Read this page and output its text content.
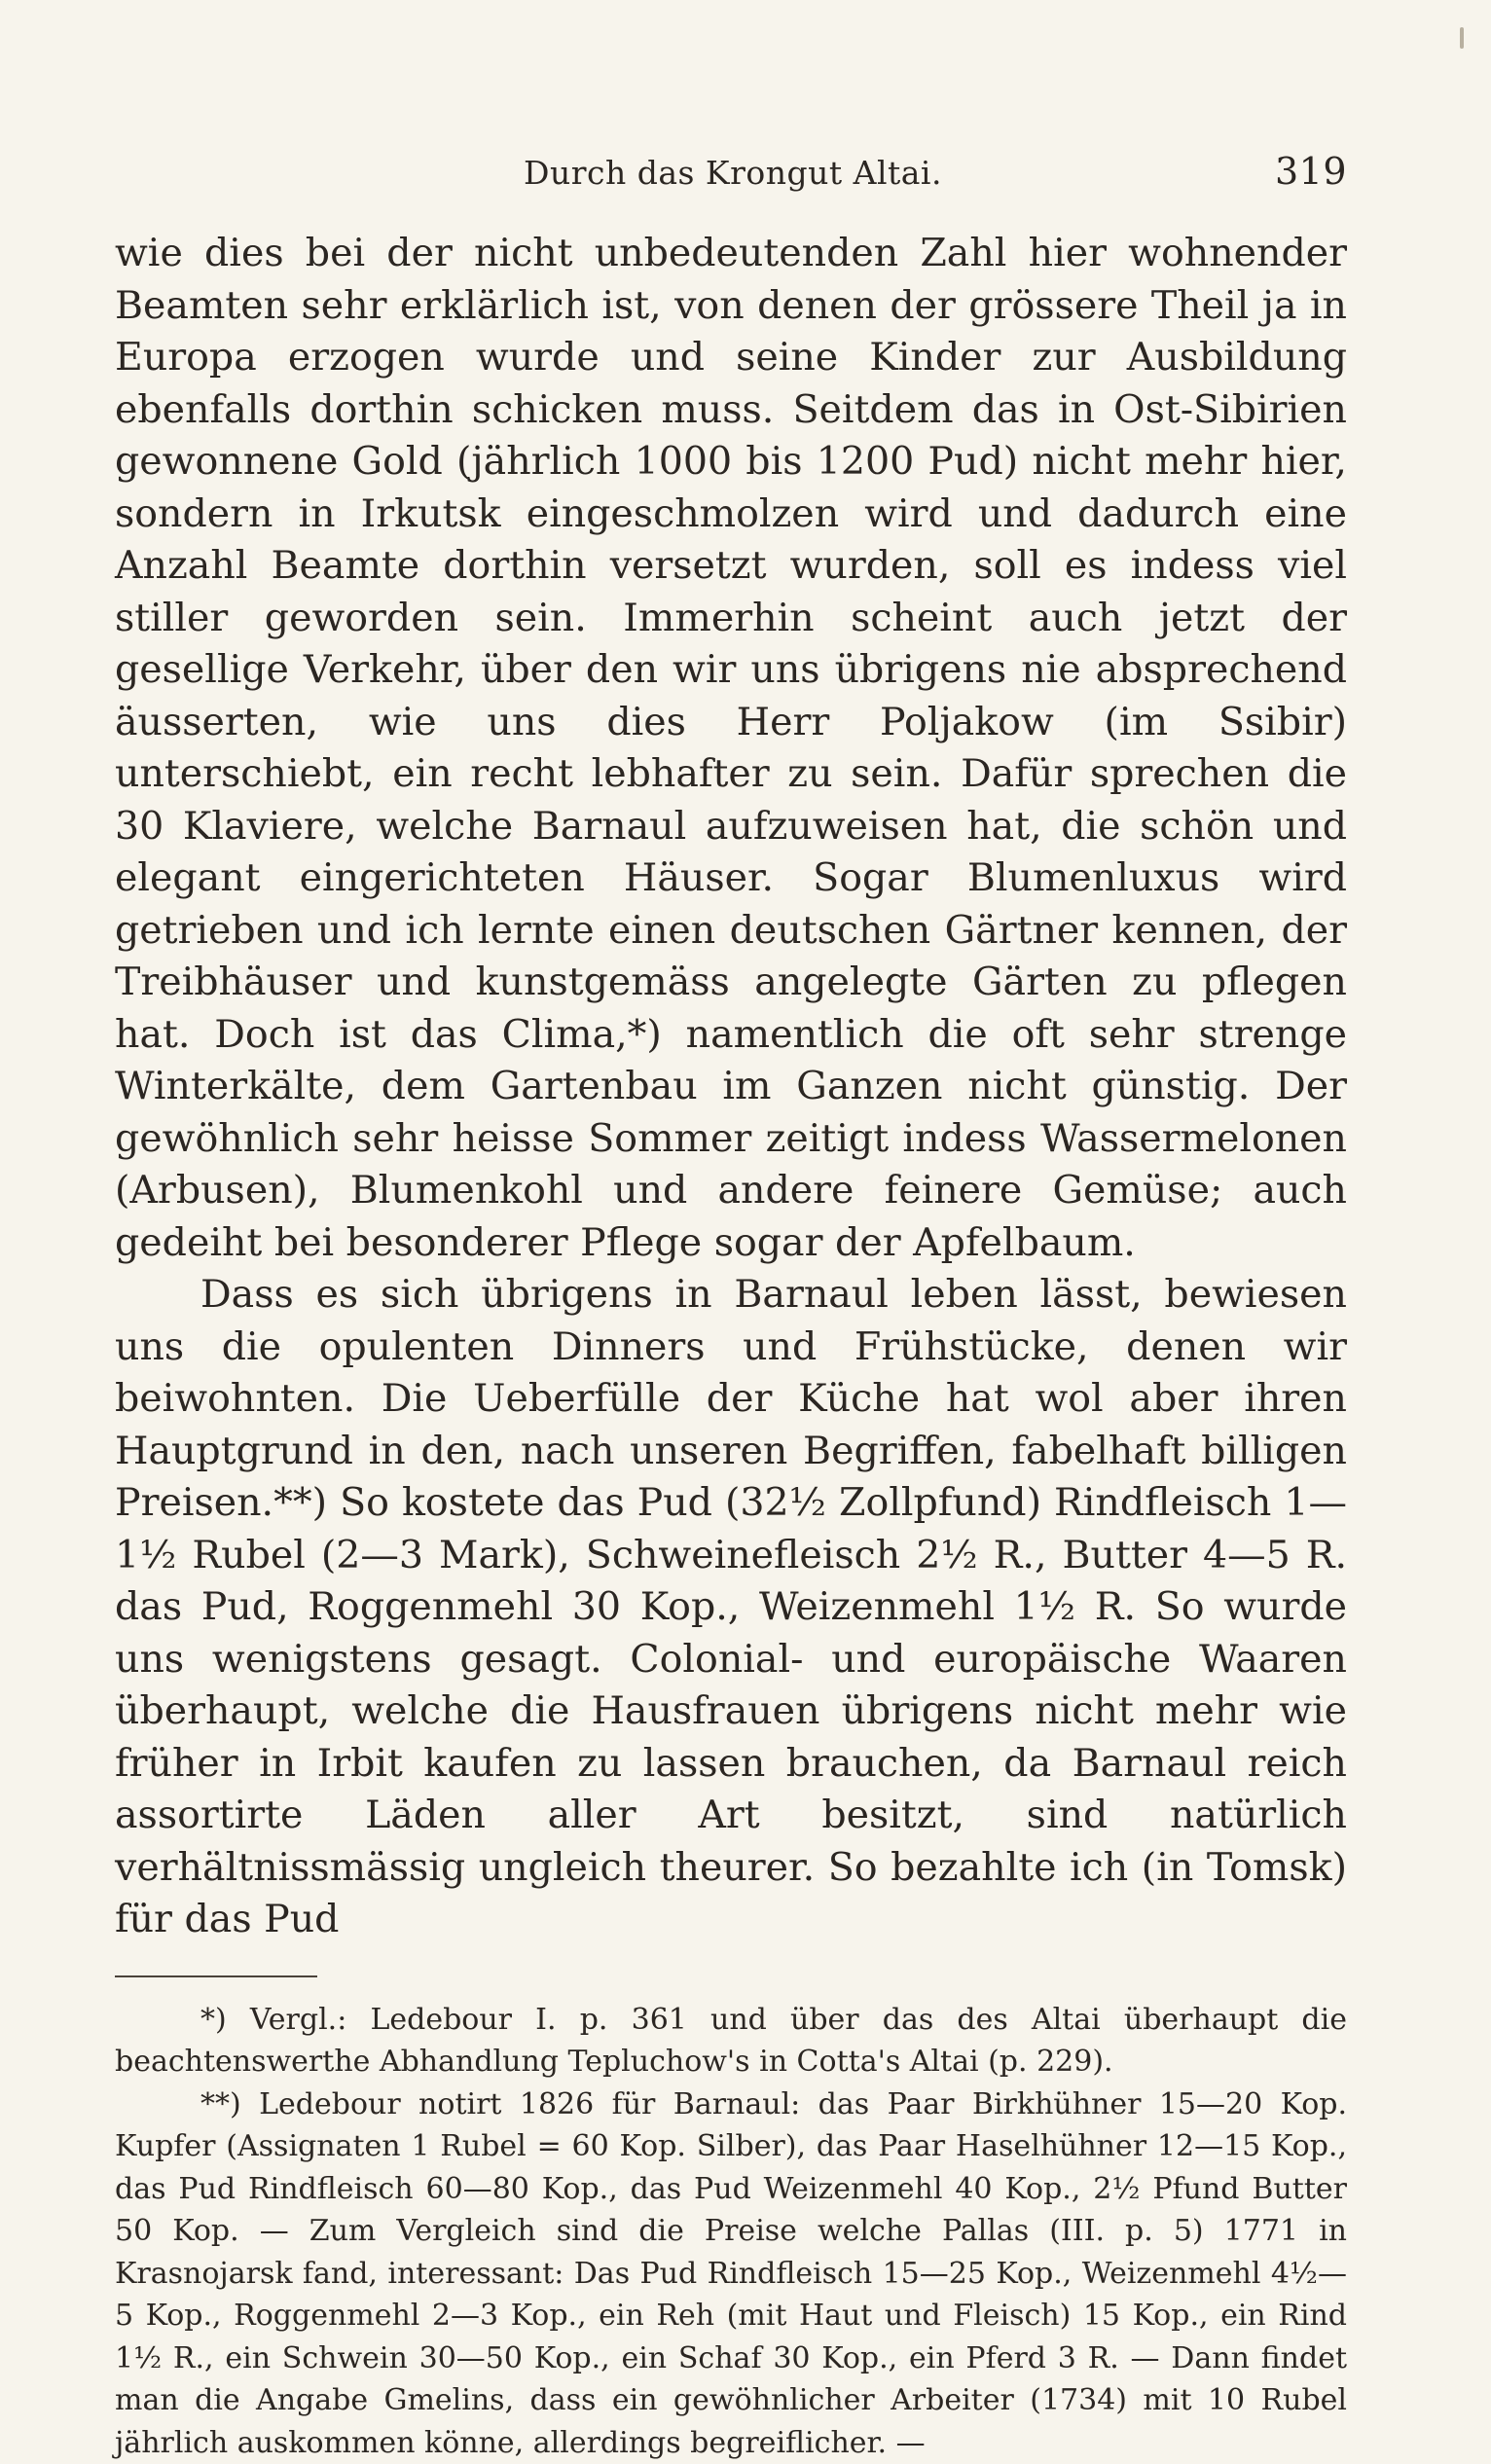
Durch das Krongut Altai.	319

wie dies bei der nicht unbedeutenden Zahl hier wohnender Beamten sehr erklärlich ist, von denen der grössere Theil ja in Europa erzogen wurde und seine Kinder zur Ausbildung ebenfalls dorthin schicken muss. Seitdem das in Ost-Sibirien gewonnene Gold (jährlich 1000 bis 1200 Pud) nicht mehr hier, sondern in Irkutsk eingeschmolzen wird und dadurch eine Anzahl Beamte dorthin versetzt wurden, soll es indess viel stiller geworden sein. Immerhin scheint auch jetzt der gesellige Verkehr, über den wir uns übrigens nie absprechend äusserten, wie uns dies Herr Poljakow (im Ssibir) unterschiebt, ein recht lebhafter zu sein. Dafür sprechen die 30 Klaviere, welche Barnaul aufzuweisen hat, die schön und elegant eingerichteten Häuser. Sogar Blumenluxus wird getrieben und ich lernte einen deutschen Gärtner kennen, der Treibhäuser und kunstgemäss angelegte Gärten zu pflegen hat. Doch ist das Clima,*) namentlich die oft sehr strenge Winterkälte, dem Gartenbau im Ganzen nicht günstig. Der gewöhnlich sehr heisse Sommer zeitigt indess Wassermelonen (Arbusen), Blumenkohl und andere feinere Gemüse; auch gedeiht bei besonderer Pflege sogar der Apfelbaum.

Dass es sich übrigens in Barnaul leben lässt, bewiesen uns die opulenten Dinners und Frühstücke, denen wir beiwohnten. Die Ueberfülle der Küche hat wol aber ihren Hauptgrund in den, nach unseren Begriffen, fabelhaft billigen Preisen.**) So kostete das Pud (32½ Zollpfund) Rindfleisch 1—1½ Rubel (2—3 Mark), Schweinefleisch 2½ R., Butter 4—5 R. das Pud, Roggenmehl 30 Kop., Weizenmehl 1½ R. So wurde uns wenigstens gesagt. Colonial- und europäische Waaren überhaupt, welche die Hausfrauen übrigens nicht mehr wie früher in Irbit kaufen zu lassen brauchen, da Barnaul reich assortirte Läden aller Art besitzt, sind natürlich verhältnissmässig ungleich theurer. So bezahlte ich (in Tomsk) für das Pud

*) Vergl.: Ledebour I. p. 361 und über das des Altai überhaupt die beachtenswerthe Abhandlung Tepluchow's in Cotta's Altai (p. 229).

**) Ledebour notirt 1826 für Barnaul: das Paar Birkhühner 15—20 Kop. Kupfer (Assignaten 1 Rubel = 60 Kop. Silber), das Paar Haselhühner 12—15 Kop., das Pud Rindfleisch 60—80 Kop., das Pud Weizenmehl 40 Kop., 2½ Pfund Butter 50 Kop. — Zum Vergleich sind die Preise welche Pallas (III. p. 5) 1771 in Krasnojarsk fand, interessant: Das Pud Rindfleisch 15—25 Kop., Weizenmehl 4½—5 Kop., Roggenmehl 2—3 Kop., ein Reh (mit Haut und Fleisch) 15 Kop., ein Rind 1½ R., ein Schwein 30—50 Kop., ein Schaf 30 Kop., ein Pferd 3 R. — Dann findet man die Angabe Gmelins, dass ein gewöhnlicher Arbeiter (1734) mit 10 Rubel jährlich auskommen könne, allerdings begreiflicher. —
